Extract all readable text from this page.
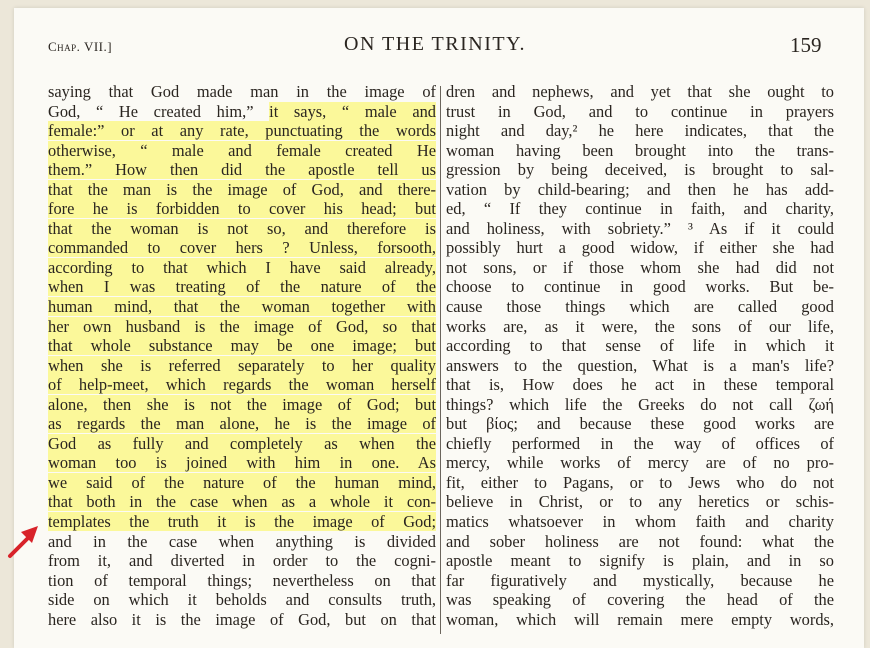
Chap. VII.]	ON THE TRINITY.	159
saying that God made man in the image of
God, “ He created him,” it says, “ male and
female:” or at any rate, punctuating the words
otherwise, “ male and female created He
them.” How then did the apostle tell us
that the man is the image of God, and there-
fore he is forbidden to cover his head; but
that the woman is not so, and therefore is
commanded to cover hers ? Unless, forsooth,
according to that which I have said already,
when I was treating of the nature of the
human mind, that the woman together with
her own husband is the image of God, so that
that whole substance may be one image; but
when she is referred separately to her quality
of help-meet, which regards the woman herself
alone, then she is not the image of God; but
as regards the man alone, he is the image of
God as fully and completely as when the
woman too is joined with him in one. As
we said of the nature of the human mind,
that both in the case when as a whole it con-
templates the truth it is the image of God;
and in the case when anything is divided
from it, and diverted in order to the cogni-
tion of temporal things; nevertheless on that
side on which it beholds and consults truth,
here also it is the image of God, but on that
dren and nephews, and yet that she ought to
trust in God, and to continue in prayers
night and day,² he here indicates, that the
woman having been brought into the trans-
gression by being deceived, is brought to sal-
vation by child-bearing; and then he has add-
ed, “ If they continue in faith, and charity,
and holiness, with sobriety.” ³ As if it could
possibly hurt a good widow, if either she had
not sons, or if those whom she had did not
choose to continue in good works. But be-
cause those things which are called good
works are, as it were, the sons of our life,
according to that sense of life in which it
answers to the question, What is a man's life?
that is, How does he act in these temporal
things? which life the Greeks do not call ζωή
but βίος; and because these good works are
chiefly performed in the way of offices of
mercy, while works of mercy are of no pro-
fit, either to Pagans, or to Jews who do not
believe in Christ, or to any heretics or schis-
matics whatsoever in whom faith and charity
and sober holiness are not found: what the
apostle meant to signify is plain, and in so
far figuratively and mystically, because he
was speaking of covering the head of the
woman, which will remain mere empty words,
